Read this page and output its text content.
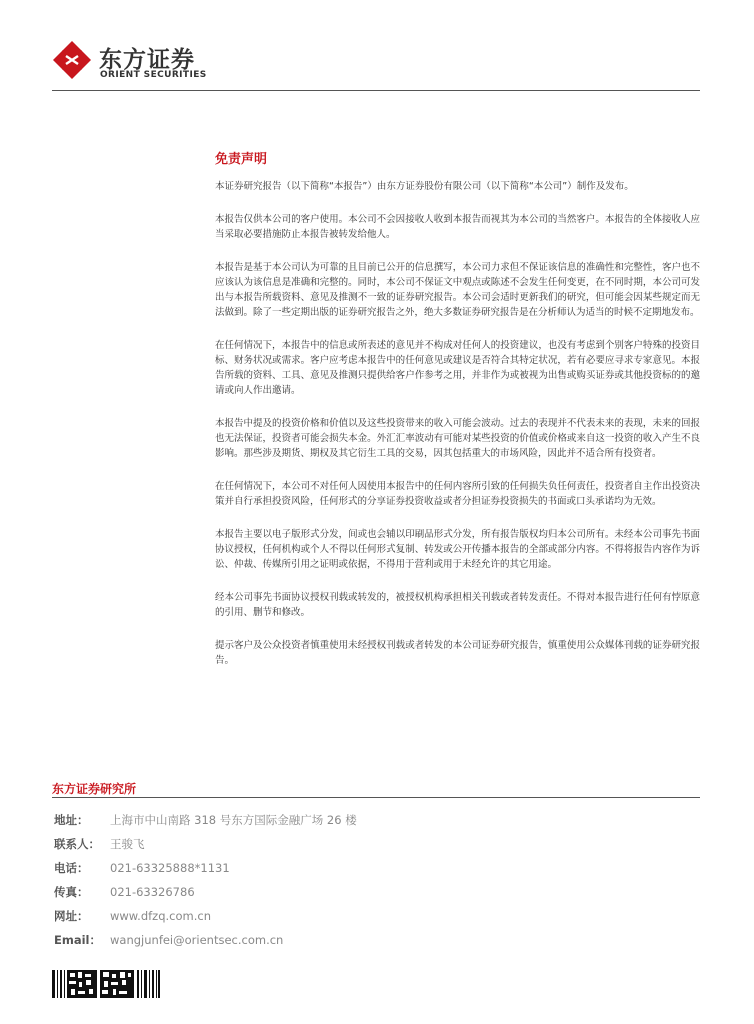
东方证券
ORIENT SECURITIES
免责声明

本证券研究报告（以下简称“本报告”）由东方证券股份有限公司（以下简称“本公司”）制作及发布。

本报告仅供本公司的客户使用。本公司不会因接收人收到本报告而视其为本公司的当然客户。本报告的全体接收人应当采取必要措施防止本报告被转发给他人。

本报告是基于本公司认为可靠的且目前已公开的信息撰写，本公司力求但不保证该信息的准确性和完整性，客户也不应该认为该信息是准确和完整的。同时，本公司不保证文中观点或陈述不会发生任何变更，在不同时期，本公司可发出与本报告所载资料、意见及推测不一致的证券研究报告。本公司会适时更新我们的研究，但可能会因某些规定而无法做到。除了一些定期出版的证券研究报告之外，绝大多数证券研究报告是在分析师认为适当的时候不定期地发布。

在任何情况下，本报告中的信息或所表述的意见并不构成对任何人的投资建议，也没有考虑到个别客户特殊的投资目标、财务状况或需求。客户应考虑本报告中的任何意见或建议是否符合其特定状况，若有必要应寻求专家意见。本报告所载的资料、工具、意见及推测只提供给客户作参考之用，并非作为或被视为出售或购买证券或其他投资标的的邀请或向人作出邀请。

本报告中提及的投资价格和价值以及这些投资带来的收入可能会波动。过去的表现并不代表未来的表现，未来的回报也无法保证，投资者可能会损失本金。外汇汇率波动有可能对某些投资的价值或价格或来自这一投资的收入产生不良影响。那些涉及期货、期权及其它衍生工具的交易，因其包括重大的市场风险，因此并不适合所有投资者。

在任何情况下，本公司不对任何人因使用本报告中的任何内容所引致的任何损失负任何责任，投资者自主作出投资决策并自行承担投资风险，任何形式的分享证券投资收益或者分担证券投资损失的书面或口头承诺均为无效。

本报告主要以电子版形式分发，间或也会辅以印刷品形式分发，所有报告版权均归本公司所有。未经本公司事先书面协议授权，任何机构或个人不得以任何形式复制、转发或公开传播本报告的全部或部分内容。不得将报告内容作为诉讼、仲裁、传媒所引用之证明或依据，不得用于营利或用于未经允许的其它用途。

经本公司事先书面协议授权刊载或转发的，被授权机构承担相关刊载或者转发责任。不得对本报告进行任何有悖原意的引用、删节和修改。

提示客户及公众投资者慎重使用未经授权刊载或者转发的本公司证券研究报告，慎重使用公众媒体刊载的证券研究报告。

东方证券研究所
地址： 上海市中山南路 318 号东方国际金融广场 26 楼
联系人： 王骏飞
电话： 021-63325888*1131
传真： 021-63326786
网址： www.dfzq.com.cn
Email： wangjunfei@orientsec.com.cn
